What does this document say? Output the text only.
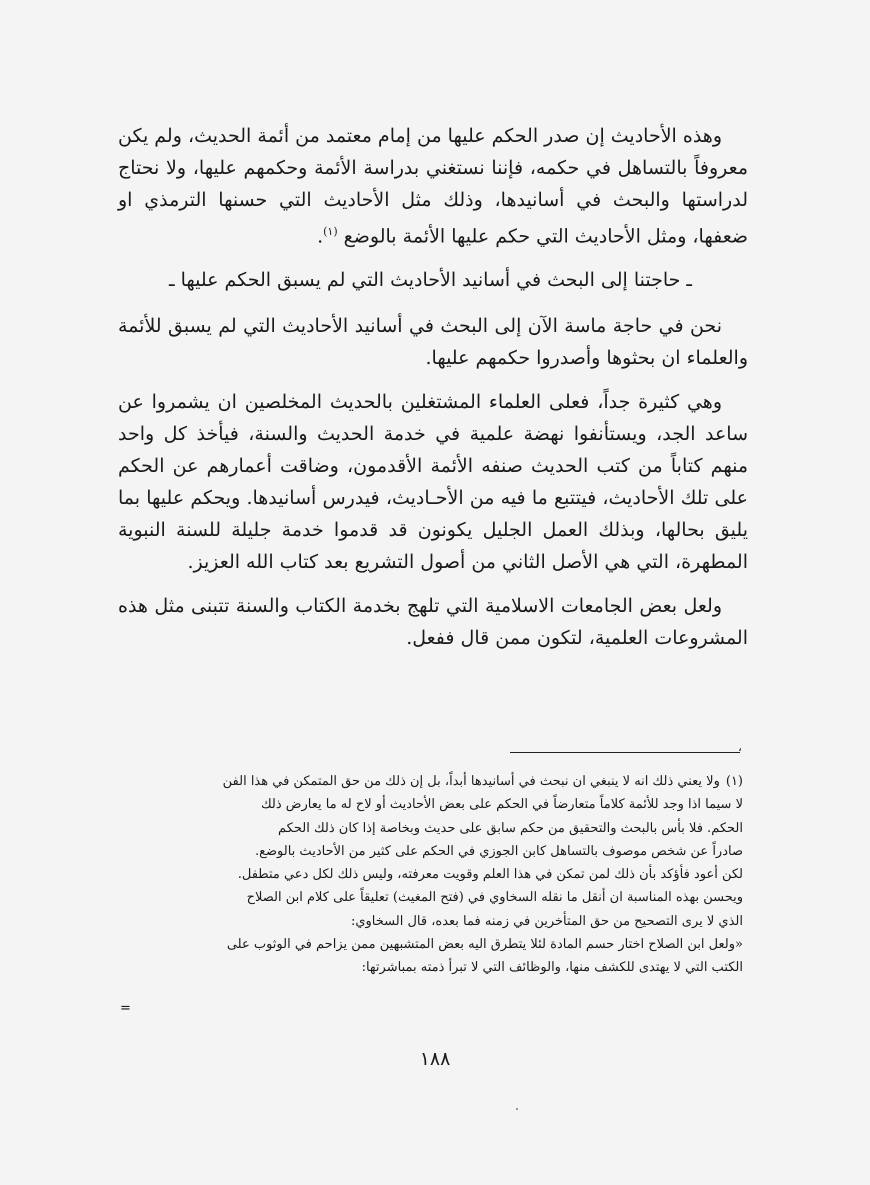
وهذه الأحاديث إن صدر الحكم عليها من إمام معتمد من أئمة الحديث، ولم يكن معروفاً بالتساهل في حكمه، فإننا نستغني بدراسة الأئمة وحكمهم عليها، ولا نحتاج لدراستها والبحث في أسانيدها، وذلك مثل الأحاديث التي حسنها الترمذي او ضعفها، ومثل الأحاديث التي حكم عليها الأئمة بالوضع $^{(١)}$.

ـ حاجتنا إلى البحث في أسانيد الأحاديث التي لم يسبق الحكم عليها ـ

نحن في حاجة ماسة الآن إلى البحث في أسانيد الأحاديث التي لم يسبق للأئمة والعلماء ان بحثوها وأصدروا حكمهم عليها.

وهي كثيرة جداً، فعلى العلماء المشتغلين بالحديث المخلصين ان يشمروا عن ساعد الجد، ويستأنفوا نهضة علمية في خدمة الحديث والسنة، فيأخذ كل واحد منهم كتاباً من كتب الحديث صنفه الأئمة الأقدمون، وضاقت أعمارهم عن الحكم على تلك الأحاديث، فيتتبع ما فيه من الأحـاديث، فيدرس أسانيدها. ويحكم عليها بما يليق بحالها، وبذلك العمل الجليل يكونون قد قدموا خدمة جليلة للسنة النبوية المطهرة، التي هي الأصل الثاني من أصول التشريع بعد كتاب الله العزيز.

ولعل بعض الجامعات الاسلامية التي تلهج بخدمة الكتاب والسنة تتبنى مثل هذه المشروعات العلمية، لتكون ممن قال ففعل.

،

(١)ولا يعني ذلك انه لا ينبغي ان نبحث في أسانيدها أبداً، بل إن ذلك من حق المتمكن في هذا الفن

لا سيما اذا وجد للأئمة كلاماً متعارضاً في الحكم على بعض الأحاديث أو لاح له ما يعارض ذلك

الحكم. فلا بأس بالبحث والتحقيق من حكم سابق على حديث وبخاصة إذا كان ذلك الحكم

صادراً عن شخص موصوف بالتساهل كابن الجوزي في الحكم على كثير من الأحاديث بالوضع.

لكن أعود فأؤكد بأن ذلك لمن تمكن في هذا العلم وقويت معرفته، وليس ذلك لكل دعي متطفل.

ويحسن بهذه المناسبة ان أنقل ما نقله السخاوي في (فتح المغيث) تعليقاً على كلام ابن الصلاح

الذي لا يرى التصحيح من حق المتأخرين في زمنه فما بعده، قال السخاوي:

«ولعل ابن الصلاح اختار حسم المادة لئلا يتطرق اليه بعض المتشبهين ممن يزاحم في الوثوب على

الكتب التي لا يهتدى للكشف منها، والوظائف التي لا تبرأ ذمته بمباشرتها:

=
١٨٨
